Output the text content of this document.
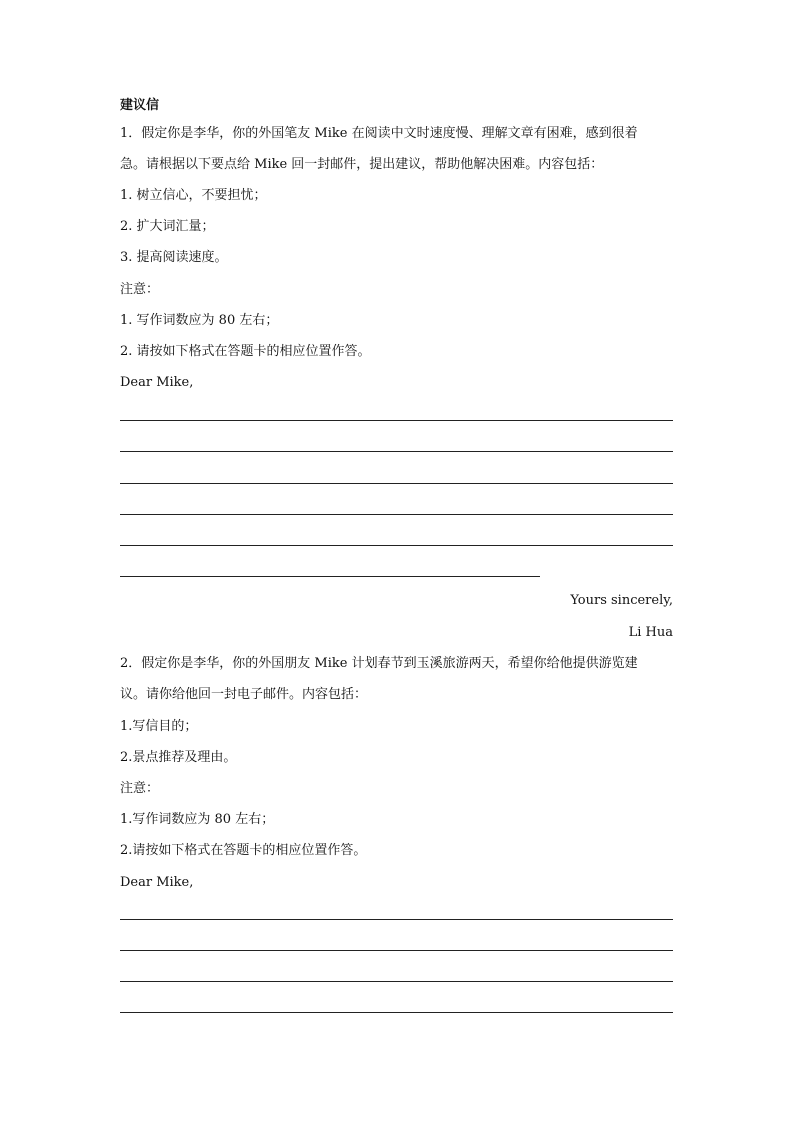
建议信
1．假定你是李华，你的外国笔友 Mike 在阅读中文时速度慢、理解文章有困难，感到很着
急。请根据以下要点给 Mike 回一封邮件，提出建议，帮助他解决困难。内容包括：
1. 树立信心，不要担忧；
2. 扩大词汇量；
3. 提高阅读速度。
注意：
1. 写作词数应为 80 左右；
2. 请按如下格式在答题卡的相应位置作答。
Dear Mike,
Yours sincerely,
Li Hua
2．假定你是李华，你的外国朋友 Mike 计划春节到玉溪旅游两天，希望你给他提供游览建
议。请你给他回一封电子邮件。内容包括：
1.写信目的；
2.景点推荐及理由。
注意：
1.写作词数应为 80 左右；
2.请按如下格式在答题卡的相应位置作答。
Dear Mike,
